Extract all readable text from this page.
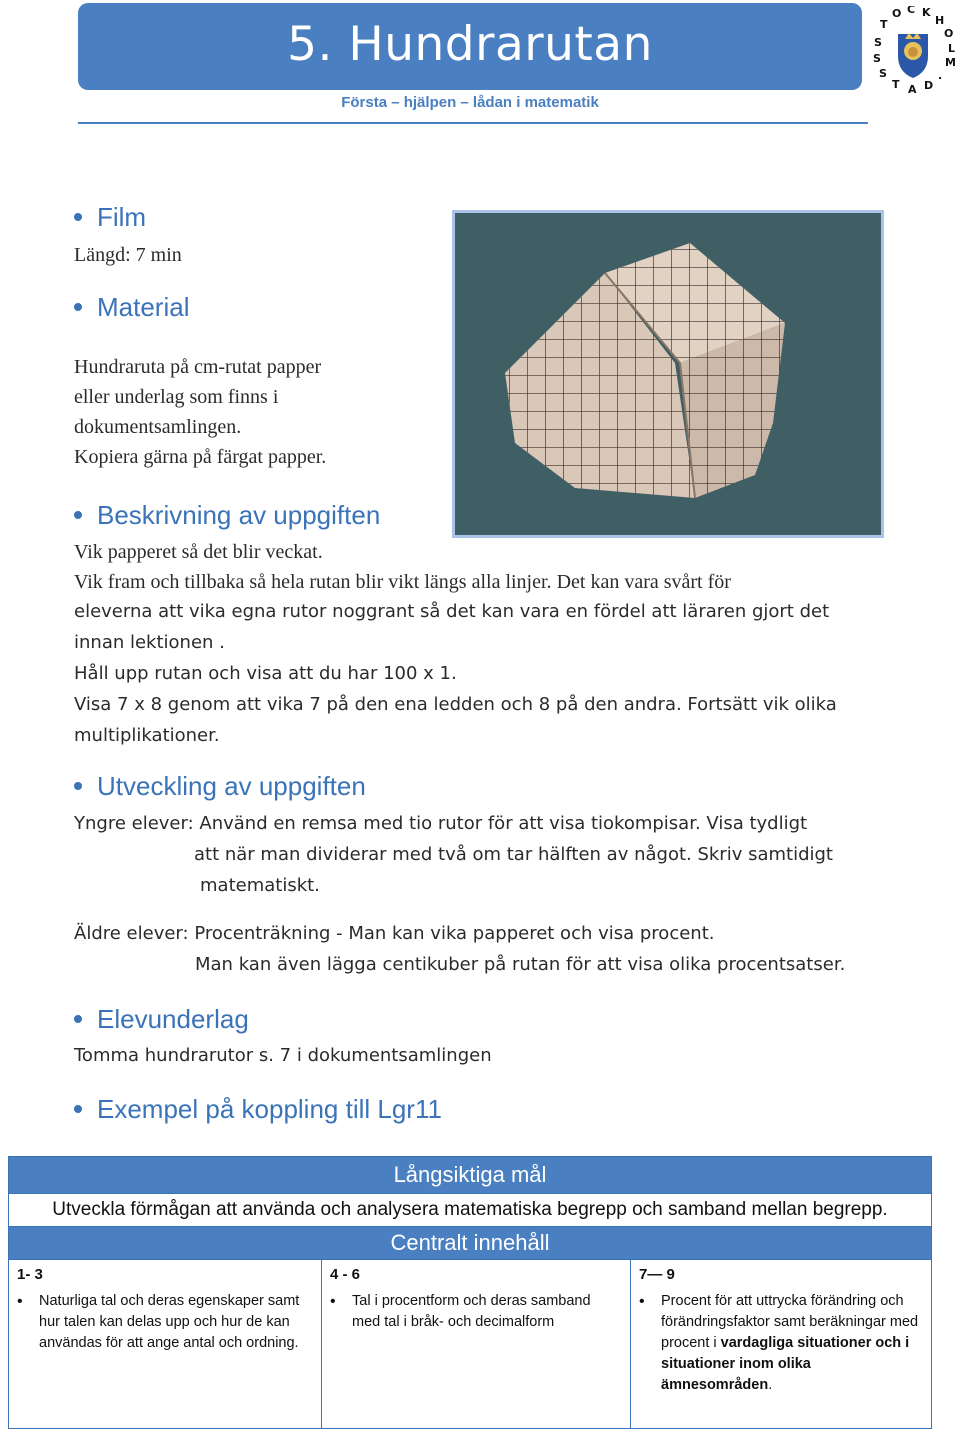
5. Hundrarutan
Första – hjälpen – lådan i matematik
S
T
O C K
H
O
L
M
S
S
T A D
.
Film
Längd: 7 min
Material
Hundraruta på cm-rutat papper
eller underlag som finns i
dokumentsamlingen.
Kopiera gärna på färgat papper.
Beskrivning av uppgiften
Vik papperet så det blir veckat.
Vik fram och tillbaka så hela rutan blir vikt längs alla linjer. Det kan vara svårt för
eleverna att vika egna rutor noggrant så det kan vara en fördel att läraren gjort det
innan lektionen .
Håll upp rutan och visa att du har 100 x 1.
Visa 7 x 8 genom att vika 7 på den ena ledden och 8 på den andra. Fortsätt vik olika
multiplikationer.
Utveckling av uppgiften
Yngre elever: Använd en remsa med tio rutor för att visa tiokompisar. Visa tydligt
att när man dividerar med två om tar hälften av något. Skriv samtidigt
matematiskt.
Äldre elever: Procenträkning - Man kan vika papperet och visa procent.
Man kan även lägga centikuber på rutan för att visa olika procentsatser.
Elevunderlag
Tomma hundrarutor s. 7 i dokumentsamlingen
Exempel på koppling till Lgr11
Långsiktiga mål
Utveckla förmågan att använda och analysera matematiska begrepp och samband mellan begrepp.
Centralt innehåll

1- 3
•	Naturliga tal och deras egenskaper samt hur talen kan delas upp och hur de kan användas för att ange antal och ordning.

4 - 6
•	Tal i procentform och deras samband med tal i bråk- och decimalform

7— 9
•	Procent för att uttrycka förändring och förändringsfaktor samt beräkningar med procent i vardagliga situationer och i situationer inom olika ämnesområden.
